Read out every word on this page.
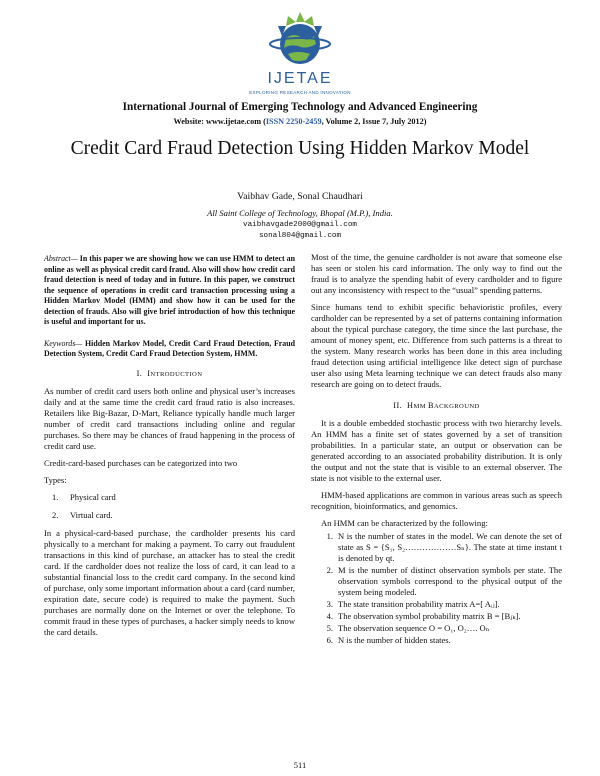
IJETAE
EXPLORING RESEARCH AND INNOVATION
International Journal of Emerging Technology and Advanced Engineering
Website: www.ijetae.com (ISSN 2250-2459, Volume 2, Issue 7, July 2012)
Credit Card Fraud Detection Using Hidden Markov Model
Vaibhav Gade, Sonal Chaudhari
All Saint College of Technology, Bhopal (M.P.), India.
vaibhavgade2000@gmail.com
sonal804@gmail.com

Abstract— In this paper we are showing how we can use HMM to detect an online as well as physical credit card fraud. Also will show how credit card fraud detection is need of today and in future. In this paper, we construct the sequence of operations in credit card transaction processing using a Hidden Markov Model (HMM) and show how it can be used for the detection of frauds. Also will give brief introduction of how this technique is useful and important for us.

Keywords— Hidden Markov Model, Credit Card Fraud Detection, Fraud Detection System, Credit Card Fraud Detection System, HMM.

I. INTRODUCTION

As number of credit card users both online and physical user’s increases daily and at the same time the credit card fraud ratio is also increases. Retailers like Big-Bazar, D-Mart, Reliance typically handle much larger number of credit card transactions including online and regular purchases. So there may be chances of fraud happening in the process of credit card use.

Credit-card-based purchases can be categorized into two

Types:

1. Physical card
2. Virtual card.

In a physical-card-based purchase, the cardholder presents his card physically to a merchant for making a payment. To carry out fraudulent transactions in this kind of purchase, an attacker has to steal the credit card. If the cardholder does not realize the loss of card, it can lead to a substantial financial loss to the credit card company. In the second kind of purchase, only some important information about a card (card number, expiration date, secure code) is required to make the payment. Such purchases are normally done on the Internet or over the telephone. To commit fraud in these types of purchases, a hacker simply needs to know the card details.

Most of the time, the genuine cardholder is not aware that someone else has seen or stolen his card information. The only way to find out the fraud is to analyze the spending habit of every cardholder and to figure out any inconsistency with respect to the “usual” spending patterns.

Since humans tend to exhibit specific behavioristic profiles, every cardholder can be represented by a set of patterns containing information about the typical purchase category, the time since the last purchase, the amount of money spent, etc. Difference from such patterns is a threat to the system. Many research works has been done in this area including fraud detection using artificial intelligence like detect sign of purchase user also using Meta learning technique we can detect frauds also many research are going on to detect frauds.

II. HMM BACKGROUND

It is a double embedded stochastic process with two hierarchy levels. An HMM has a finite set of states governed by a set of transition probabilities. In a particular state, an output or observation can be generated according to an associated probability distribution. It is only the output and not the state that is visible to an external observer. The state is not visible to the external user.

HMM-based applications are common in various areas such as speech recognition, bioinformatics, and genomics.

An HMM can be characterized by the following:

1. N is the number of states in the model. We can denote the set of state as S = {S₁, S₂………………Sₙ}. The state at time instant t is denoted by qt.
2. M is the number of distinct observation symbols per state. The observation symbols correspond to the physical output of the system being modeled.
3. The state transition probability matrix A=[ Aᵢⱼ].
4. The observation symbol probability matrix B = [Bⱼₖ].
5. The observation sequence O = O₁, O₂…. Oₙ
6. N is the number of hidden states.
511
